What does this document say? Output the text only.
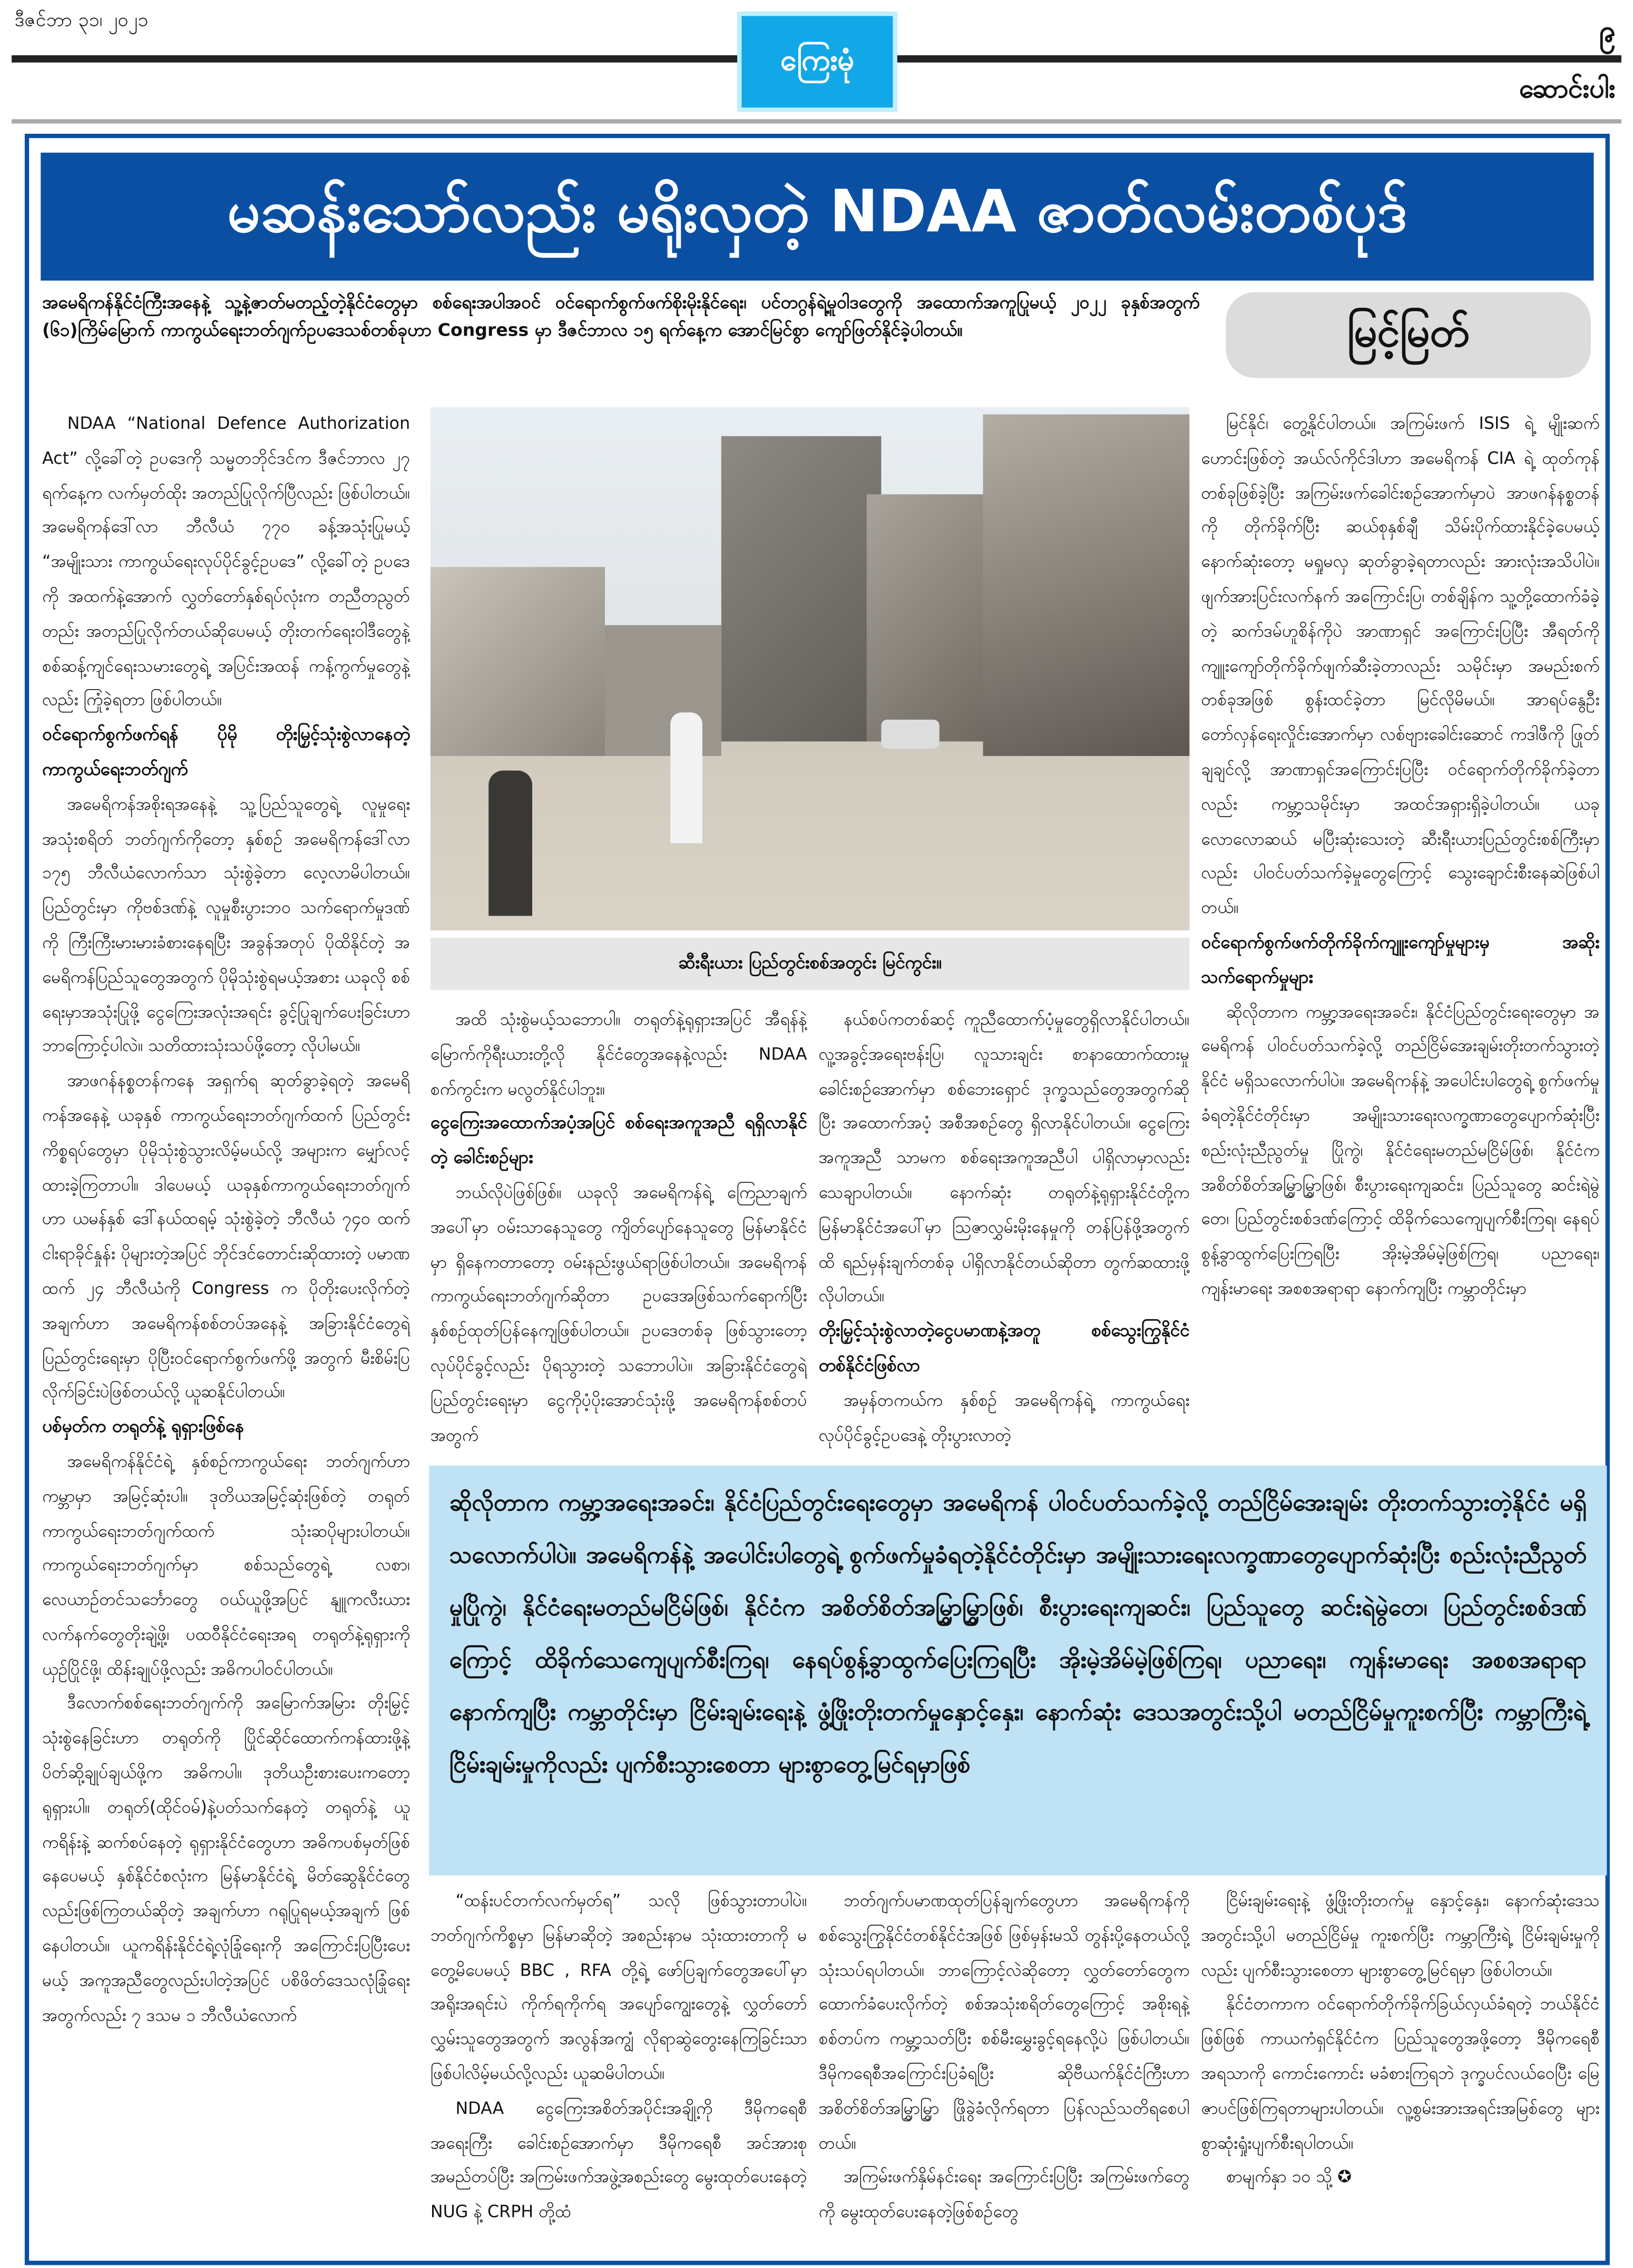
ဒီဇင်ဘာ ၃၁၊ ၂၀၂၁	၉
ဆောင်းပါး
ကြေးမုံ
မဆန်းသော်လည်း မရိုးလှတဲ့ NDAA ဇာတ်လမ်းတစ်ပုဒ်
မြင့်မြတ်
အမေရိကန်နိုင်ငံကြီးအနေနဲ့ သူ့နဲ့ဇာတ်မတည့်တဲ့နိုင်ငံတွေမှာ စစ်ရေးအပါအဝင် ဝင်ရောက်စွက်ဖက်စိုးမိုးနိုင်ရေး၊ ပင်တဂွန်ရဲ့မူဝါဒတွေကို အထောက်အကူပြုမယ့် ၂၀၂၂ ခုနှစ်အတွက် (၆၁)ကြိမ်မြောက် ကာကွယ်ရေးဘတ်ဂျက်ဥပဒေသစ်တစ်ခုဟာ Congress မှာ ဒီဇင်ဘာလ ၁၅ ရက်နေ့က အောင်မြင်စွာ ကျော်ဖြတ်နိုင်ခဲ့ပါတယ်။
ဆီးရီးယား ပြည်တွင်းစစ်အတွင်း မြင်ကွင်း။

NDAA “National Defence Authorization Act” လို့ခေါ်တဲ့ ဥပဒေကို သမ္မတဘိုင်ဒင်က ဒီဇင်ဘာလ ၂၇ ရက်နေ့က လက်မှတ်ထိုး အတည်ပြုလိုက်ပြီလည်း ဖြစ်ပါတယ်။ အမေရိကန်ဒေါ်လာ ဘီလီယံ ၇၇၀ ခန့်အသုံးပြုမယ့် “အမျိုးသား ကာကွယ်ရေးလုပ်ပိုင်ခွင့်ဥပဒေ” လို့ခေါ်တဲ့ ဥပဒေကို အထက်နဲ့အောက် လွှတ်တော်နှစ်ရပ်လုံးက တညီတညွတ်တည်း အတည်ပြုလိုက်တယ်ဆိုပေမယ့် တိုးတက်ရေးဝါဒီတွေနဲ့ စစ်ဆန့်ကျင်ရေးသမားတွေရဲ့ အပြင်းအထန် ကန့်ကွက်မှုတွေနဲ့လည်း ကြုံခဲ့ရတာ ဖြစ်ပါတယ်။

ဝင်ရောက်စွက်ဖက်ရန် ပိုမို တိုးမြှင့်သုံးစွဲလာနေတဲ့ ကာကွယ်ရေးဘတ်ဂျက်

အမေရိကန်အစိုးရအနေနဲ့ သူ့ပြည်သူတွေရဲ့ လူမှုရေးအသုံးစရိတ် ဘတ်ဂျက်ကိုတော့ နှစ်စဉ် အမေရိကန်ဒေါ်လာ ၁၇၅ ဘီလီယံလောက်သာ သုံးစွဲခဲ့တာ လေ့လာမိပါတယ်။ ပြည်တွင်းမှာ ကိုဗစ်ဒဏ်နဲ့ လူမှုစီးပွားဘဝ သက်ရောက်မှုဒဏ်ကို ကြီးကြီးမားမားခံစားနေရပြီး အခွန်အတုပ် ပိုထိနိုင်တဲ့ အမေရိကန်ပြည်သူတွေအတွက် ပိုမိုသုံးစွဲရမယ့်အစား ယခုလို စစ်ရေးမှာအသုံးပြုဖို့ ငွေကြေးအလုံးအရင်း ခွင့်ပြုချက်ပေးခြင်းဟာ ဘာကြောင့်ပါလဲ။ သတိထားသုံးသပ်ဖို့တော့ လိုပါမယ်။

အာဖဂန်နစ္စတန်ကနေ အရှက်ရ ဆုတ်ခွာခဲ့ရတဲ့ အမေရိကန်အနေနဲ့ ယခုနှစ် ကာကွယ်ရေးဘတ်ဂျက်ထက် ပြည်တွင်းကိစ္စရပ်တွေမှာ ပိုမိုသုံးစွဲသွားလိမ့်မယ်လို့ အများက မျှော်လင့်ထားခဲ့ကြတာပါ။ ဒါပေမယ့် ယခုနှစ်ကာကွယ်ရေးဘတ်ဂျက်ဟာ ယမန်နှစ် ဒေါ်နယ်ထရမ့် သုံးစွဲခဲ့တဲ့ ဘီလီယံ ၇၄၀ ထက် ငါးရာခိုင်နှုန်း ပိုများတဲ့အပြင် ဘိုင်ဒင်တောင်းဆိုထားတဲ့ ပမာဏထက် ၂၄ ဘီလီယံကို Congress က ပိုတိုးပေးလိုက်တဲ့ အချက်ဟာ အမေရိကန်စစ်တပ်အနေနဲ့ အခြားနိုင်ငံတွေရဲ့ ပြည်တွင်းရေးမှာ ပိုပြီးဝင်ရောက်စွက်ဖက်ဖို့ အတွက် မီးစိမ်းပြလိုက်ခြင်းပဲဖြစ်တယ်လို့ ယူဆနိုင်ပါတယ်။

ပစ်မှတ်က တရုတ်နဲ့ ရုရှားဖြစ်နေ

အမေရိကန်နိုင်ငံရဲ့ နှစ်စဉ်ကာကွယ်ရေး ဘတ်ဂျက်ဟာ ကမ္ဘာမှာ အမြင့်ဆုံးပါ။ ဒုတိယအမြင့်ဆုံးဖြစ်တဲ့ တရုတ်ကာကွယ်ရေးဘတ်ဂျက်ထက် သုံးဆပိုများပါတယ်။ ကာကွယ်ရေးဘတ်ဂျက်မှာ စစ်သည်တွေရဲ့ လစာ၊ လေယာဉ်တင်သင်္ဘောတွေ ဝယ်ယူဖို့အပြင် နျူကလီးယားလက်နက်တွေတိုးချဲ့ဖို့၊ ပထဝီနိုင်ငံရေးအရ တရုတ်နဲ့ရုရှားကို ယှဉ်ပြိုင်ဖို့၊ ထိန်းချုပ်ဖို့လည်း အဓိကပါဝင်ပါတယ်။

ဒီလောက်စစ်ရေးဘတ်ဂျက်ကို အမြောက်အမြား တိုးမြှင့်သုံးစွဲနေခြင်းဟာ တရုတ်ကို ပြိုင်ဆိုင်ထောက်ကန်ထားဖို့နဲ့ ပိတ်ဆို့ချုပ်ချယ်ဖို့က အဓိကပါ။ ဒုတိယဦးစားပေးကတော့ ရုရှားပါ။ တရုတ်(ထိုင်ဝမ်)နဲ့ပတ်သက်နေတဲ့ တရုတ်နဲ့ ယူကရိန်းနဲ့ ဆက်စပ်နေတဲ့ ရုရှားနိုင်ငံတွေဟာ အဓိကပစ်မှတ်ဖြစ်နေပေမယ့် နှစ်နိုင်ငံစလုံးက မြန်မာနိုင်ငံရဲ့ မိတ်ဆွေနိုင်ငံတွေလည်းဖြစ်ကြတယ်ဆိုတဲ့ အချက်ဟာ ဂရုပြုရမယ့်အချက် ဖြစ်နေပါတယ်။ ယူကရိန်းနိုင်ငံရဲ့လုံခြုံရေးကို အကြောင်းပြပြီးပေးမယ့် အကူအညီတွေလည်းပါတဲ့အပြင် ပစိဖိတ်ဒေသလုံခြုံရေးအတွက်လည်း ၇ ဒသမ ၁ ဘီလီယံလောက်

အထိ သုံးစွဲမယ့်သဘောပါ။ တရုတ်နဲ့ရုရှားအပြင် အီရန်နဲ့ မြောက်ကိုရီးယားတို့လို နိုင်ငံတွေအနေနဲ့လည်း NDAA စက်ကွင်းက မလွတ်နိုင်ပါဘူး။

ငွေကြေးအထောက်အပံ့အပြင် စစ်ရေးအကူအညီ ရရှိလာနိုင်တဲ့ ခေါင်းစဉ်များ

ဘယ်လိုပဲဖြစ်ဖြစ်။ ယခုလို အမေရိကန်ရဲ့ ကြေညာချက်အပေါ်မှာ ဝမ်းသာနေသူတွေ ကျိတ်ပျော်နေသူတွေ မြန်မာနိုင်ငံမှာ ရှိနေကတာတော့ ဝမ်းနည်းဖွယ်ရာဖြစ်ပါတယ်။ အမေရိကန်ကာကွယ်ရေးဘတ်ဂျက်ဆိုတာ ဥပဒေအဖြစ်သက်ရောက်ပြီး နှစ်စဉ်ထုတ်ပြန်နေကျဖြစ်ပါတယ်။ ဥပဒေတစ်ခု ဖြစ်သွားတော့ လုပ်ပိုင်ခွင့်လည်း ပိုရသွားတဲ့ သဘောပါပဲ။ အခြားနိုင်ငံတွေရဲ့ပြည်တွင်းရေးမှာ ငွေကိုပံ့ပိုးအောင်သုံးဖို့ အမေရိကန်စစ်တပ်အတွက်

နယ်စပ်ကတစ်ဆင့် ကူညီထောက်ပံ့မှုတွေရှိလာနိုင်ပါတယ်။ လူ့အခွင့်အရေးဗန်းပြ၊ လူသားချင်း စာနာထောက်ထားမှု ခေါင်းစဉ်အောက်မှာ စစ်ဘေးရှောင် ဒုက္ခသည်တွေအတွက်ဆိုပြီး အထောက်အပံ့ အစီအစဉ်တွေ ရှိလာနိုင်ပါတယ်။ ငွေကြေးအကူအညီ သာမက စစ်ရေးအကူအညီပါ ပါရှိလာမှာလည်း သေချာပါတယ်။ နောက်ဆုံး တရုတ်နဲ့ရုရှားနိုင်ငံတို့က မြန်မာနိုင်ငံအပေါ်မှာ ဩဇာလွှမ်းမိုးနေမှုကို တန်ပြန်ဖို့အတွက်ထိ ရည်မှန်းချက်တစ်ခု ပါရှိလာနိုင်တယ်ဆိုတာ တွက်ဆထားဖို့လိုပါတယ်။

တိုးမြှင့်သုံးစွဲလာတဲ့ငွေပမာဏနဲ့အတူ စစ်သွေးကြွနိုင်ငံတစ်နိုင်ငံဖြစ်လာ

အမှန်တကယ်က နှစ်စဉ် အမေရိကန်ရဲ့ ကာကွယ်ရေးလုပ်ပိုင်ခွင့်ဥပဒေနဲ့ တိုးပွားလာတဲ့

မြင်နိုင်၊ တွေ့နိုင်ပါတယ်။ အကြမ်းဖက် ISIS ရဲ့ မျိုးဆက်ဟောင်းဖြစ်တဲ့ အယ်လ်ကိုင်ဒါဟာ အမေရိကန် CIA ရဲ့ ထုတ်ကုန်တစ်ခုဖြစ်ခဲ့ပြီး အကြမ်းဖက်ခေါင်းစဉ်အောက်မှာပဲ အာဖဂန်နစ္စတန်ကို တိုက်ခိုက်ပြီး ဆယ်စုနှစ်ချီ သိမ်းပိုက်ထားနိုင်ခဲ့ပေမယ့် နောက်ဆုံးတော့ မရှုမလှ ဆုတ်ခွာခဲ့ရတာလည်း အားလုံးအသိပါပဲ။ ဖျက်အားပြင်းလက်နက် အကြောင်းပြ၊ တစ်ချိန်က သူ့တို့ထောက်ခံခဲ့တဲ့ ဆက်ဒမ်ဟူစိန်ကိုပဲ အာဏာရှင် အကြောင်းပြပြီး အီရတ်ကို ကျူးကျော်တိုက်ခိုက်ဖျက်ဆီးခဲ့တာလည်း သမိုင်းမှာ အမည်းစက်တစ်ခုအဖြစ် စွန်းထင်ခဲ့တာ မြင်လိုမိမယ်။ အာရပ်နွေဦးတော်လှန်ရေးလှိုင်းအောက်မှာ လစ်ဗျားခေါင်းဆောင် ကဒါဖီကို ဖြုတ်ချချင်လို့ အာဏာရှင်အကြောင်းပြပြီး ဝင်ရောက်တိုက်ခိုက်ခဲ့တာလည်း ကမ္ဘာ့သမိုင်းမှာ အထင်အရှားရှိခဲ့ပါတယ်။ ယခုလောလောဆယ် မပြီးဆုံးသေးတဲ့ ဆီးရီးယားပြည်တွင်းစစ်ကြီးမှာလည်း ပါဝင်ပတ်သက်ခဲ့မှုတွေကြောင့် သွေးချောင်းစီးနေဆဲဖြစ်ပါတယ်။

ဝင်ရောက်စွက်ဖက်တိုက်ခိုက်ကျူးကျော်မှုများမှ အဆိုးသက်ရောက်မှုများ

ဆိုလိုတာက ကမ္ဘာ့အရေးအခင်း၊ နိုင်ငံပြည်တွင်းရေးတွေမှာ အမေရိကန် ပါဝင်ပတ်သက်ခဲ့လို့ တည်ငြိမ်အေးချမ်းတိုးတက်သွားတဲ့ နိုင်ငံ မရှိသလောက်ပါပဲ။ အမေရိကန်နဲ့ အပေါင်းပါတွေရဲ့ စွက်ဖက်မှုခံရတဲ့နိုင်ငံတိုင်းမှာ အမျိုးသားရေးလက္ခဏာတွေပျောက်ဆုံးပြီး စည်းလုံးညီညွတ်မှု ပြိုကွဲ၊ နိုင်ငံရေးမတည်မငြိမ်ဖြစ်၊ နိုင်ငံက အစိတ်စိတ်အမြွှာမြွှာဖြစ်၊ စီးပွားရေးကျဆင်း၊ ပြည်သူတွေ ဆင်းရဲမွဲတေ၊ ပြည်တွင်းစစ်ဒဏ်ကြောင့် ထိခိုက်သေကျေပျက်စီးကြရ၊ နေရပ်စွန့်ခွာထွက်ပြေးကြရပြီး အိုးမဲ့အိမ်မဲ့ဖြစ်ကြရ၊ ပညာရေး၊ ကျန်းမာရေး အစစအရာရာ နောက်ကျပြီး ကမ္ဘာတိုင်းမှာ

ဆိုလိုတာက ကမ္ဘာ့အရေးအခင်း၊ နိုင်ငံပြည်တွင်းရေးတွေမှာ အမေရိကန် ပါဝင်ပတ်သက်ခဲ့လို့ တည်ငြိမ်အေးချမ်း တိုးတက်သွားတဲ့နိုင်ငံ မရှိသလောက်ပါပဲ။ အမေရိကန်နဲ့ အပေါင်းပါတွေရဲ့ စွက်ဖက်မှုခံရတဲ့နိုင်ငံတိုင်းမှာ အမျိုးသားရေးလက္ခဏာတွေပျောက်ဆုံးပြီး စည်းလုံးညီညွတ်မှုပြိုကွဲ၊ နိုင်ငံရေးမတည်မငြိမ်ဖြစ်၊ နိုင်ငံက အစိတ်စိတ်အမြွှာမြွှာဖြစ်၊ စီးပွားရေးကျဆင်း၊ ပြည်သူတွေ ဆင်းရဲမွဲတေ၊ ပြည်တွင်းစစ်ဒဏ်ကြောင့် ထိခိုက်သေကျေပျက်စီးကြရ၊ နေရပ်စွန့်ခွာထွက်ပြေးကြရပြီး အိုးမဲ့အိမ်မဲ့ဖြစ်ကြရ၊ ပညာရေး၊ ကျန်းမာရေး အစစအရာရာ နောက်ကျပြီး ကမ္ဘာတိုင်းမှာ ငြိမ်းချမ်းရေးနဲ့ ဖွံ့ဖြိုးတိုးတက်မှုနှောင့်နှေး၊ နောက်ဆုံး ဒေသအတွင်းသို့ပါ မတည်ငြိမ်မှုကူးစက်ပြီး ကမ္ဘာကြီးရဲ့ ငြိမ်းချမ်းမှုကိုလည်း ပျက်စီးသွားစေတာ များစွာတွေ့မြင်ရမှာဖြစ်

“ထန်းပင်တက်လက်မှတ်ရ” သလို ဖြစ်သွားတာပါပဲ။ ဘတ်ဂျက်ကိစ္စမှာ မြန်မာဆိုတဲ့ အစည်းနာမ သုံးထားတာကို မတွေ့မိပေမယ့် BBC , RFA တို့ရဲ့ ဖော်ပြချက်တွေအပေါ်မှာ အရိုးအရင်းပဲ ကိုက်ရကိုက်ရ အပျော်ကျွေးတွေနဲ့ လွှတ်တော်လွှမ်းသူတွေအတွက် အလွန်အကျွံ လိုရာဆွဲတွေးနေကြခြင်းသာ ဖြစ်ပါလိမ့်မယ်လို့လည်း ယူဆမိပါတယ်။

NDAA ငွေကြေးအစိတ်အပိုင်းအချို့ကို ဒီမိုကရေစီအရေးကြီး ခေါင်းစဉ်အောက်မှာ ဒီမိုကရေစီ အင်အားစုအမည်တပ်ပြီး အကြမ်းဖက်အဖွဲ့အစည်းတွေ မွေးထုတ်ပေးနေတဲ့ NUG နဲ့ CRPH တို့ထံ

ဘတ်ဂျက်ပမာဏထုတ်ပြန်ချက်တွေဟာ အမေရိကန်ကို စစ်သွေးကြွနိုင်ငံတစ်နိုင်ငံအဖြစ် ဖြစ်မှန်းမသိ တွန်းပို့နေတယ်လို့ သုံးသပ်ရပါတယ်။ ဘာကြောင့်လဲဆိုတော့ လွှတ်တော်တွေက ထောက်ခံပေးလိုက်တဲ့ စစ်အသုံးစရိတ်တွေကြောင့် အစိုးရနဲ့ စစ်တပ်က ကမ္ဘာ့သတ်ပြီး စစ်မီးမွှေးခွင့်ရနေလို့ပဲ ဖြစ်ပါတယ်။ ဒီမိုကရေစီအကြောင်းပြခံရပြီး ဆိုဗီယက်နိုင်ငံကြီးဟာ အစိတ်စိတ်အမြွှာမြွှာ ဖြိုခွဲခံလိုက်ရတာ ပြန်လည်သတိရစေပါတယ်။

အကြမ်းဖက်နှိမ်နင်းရေး အကြောင်းပြပြီး အကြမ်းဖက်တွေကို မွေးထုတ်ပေးနေတဲ့ဖြစ်စဉ်တွေ

ငြိမ်းချမ်းရေးနဲ့ ဖွံ့ဖြိုးတိုးတက်မှု နှောင့်နှေး၊ နောက်ဆုံးဒေသအတွင်းသို့ပါ မတည်ငြိမ်မှု ကူးစက်ပြီး ကမ္ဘာကြီးရဲ့ ငြိမ်းချမ်းမှုကိုလည်း ပျက်စီးသွားစေတာ များစွာတွေ့မြင်ရမှာ ဖြစ်ပါတယ်။

နိုင်ငံတကာက ဝင်ရောက်တိုက်ခိုက်ခြယ်လှယ်ခံရတဲ့ ဘယ်နိုင်ငံဖြစ်ဖြစ် ကာယကံရှင်နိုင်ငံက ပြည်သူတွေအဖို့တော့ ဒီမိုကရေစီအရသာကို ကောင်းကောင်း မခံစားကြရဘဲ ဒုက္ခပင်လယ်ဝေပြီး မြေဇာပင်ဖြစ်ကြရတာများပါတယ်။ လူ့စွမ်းအားအရင်းအမြစ်တွေ များစွာဆုံးရှုံးပျက်စီးရပါတယ်။

စာမျက်နှာ ၁၀ သို့ ✪
